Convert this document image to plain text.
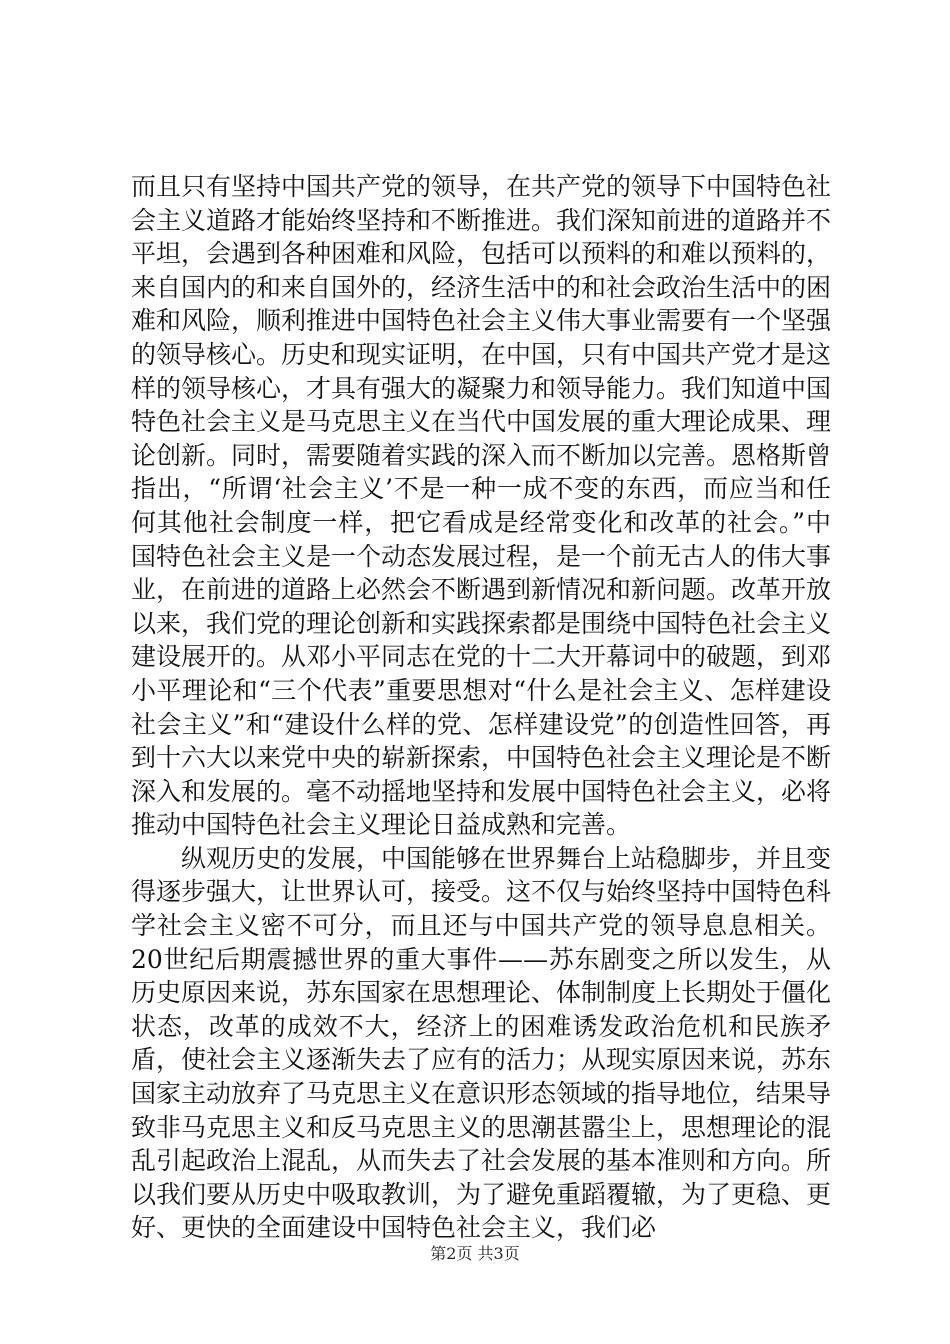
而且只有坚持中国共产党的领导，在共产党的领导下中国特色社会主义道路才能始终坚持和不断推进。我们深知前进的道路并不平坦，会遇到各种困难和风险，包括可以预料的和难以预料的，来自国内的和来自国外的，经济生活中的和社会政治生活中的困难和风险，顺利推进中国特色社会主义伟大事业需要有一个坚强的领导核心。历史和现实证明，在中国，只有中国共产党才是这样的领导核心，才具有强大的凝聚力和领导能力。我们知道中国特色社会主义是马克思主义在当代中国发展的重大理论成果、理论创新。同时，需要随着实践的深入而不断加以完善。恩格斯曾指出，“所谓‘社会主义’不是一种一成不变的东西，而应当和任何其他社会制度一样，把它看成是经常变化和改革的社会。”中国特色社会主义是一个动态发展过程，是一个前无古人的伟大事业，在前进的道路上必然会不断遇到新情况和新问题。改革开放以来，我们党的理论创新和实践探索都是围绕中国特色社会主义建设展开的。从邓小平同志在党的十二大开幕词中的破题，到邓小平理论和“三个代表”重要思想对“什么是社会主义、怎样建设社会主义”和“建设什么样的党、怎样建设党”的创造性回答，再到十六大以来党中央的崭新探索，中国特色社会主义理论是不断深入和发展的。毫不动摇地坚持和发展中国特色社会主义，必将推动中国特色社会主义理论日益成熟和完善。

纵观历史的发展，中国能够在世界舞台上站稳脚步，并且变得逐步强大，让世界认可，接受。这不仅与始终坚持中国特色科学社会主义密不可分，而且还与中国共产党的领导息息相关。20世纪后期震撼世界的重大事件——苏东剧变之所以发生，从历史原因来说，苏东国家在思想理论、体制制度上长期处于僵化状态，改革的成效不大，经济上的困难诱发政治危机和民族矛盾，使社会主义逐渐失去了应有的活力；从现实原因来说，苏东国家主动放弃了马克思主义在意识形态领域的指导地位，结果导致非马克思主义和反马克思主义的思潮甚嚣尘上，思想理论的混乱引起政治上混乱，从而失去了社会发展的基本准则和方向。所以我们要从历史中吸取教训，为了避免重蹈覆辙，为了更稳、更好、更快的全面建设中国特色社会主义，我们必

第2页 共3页
